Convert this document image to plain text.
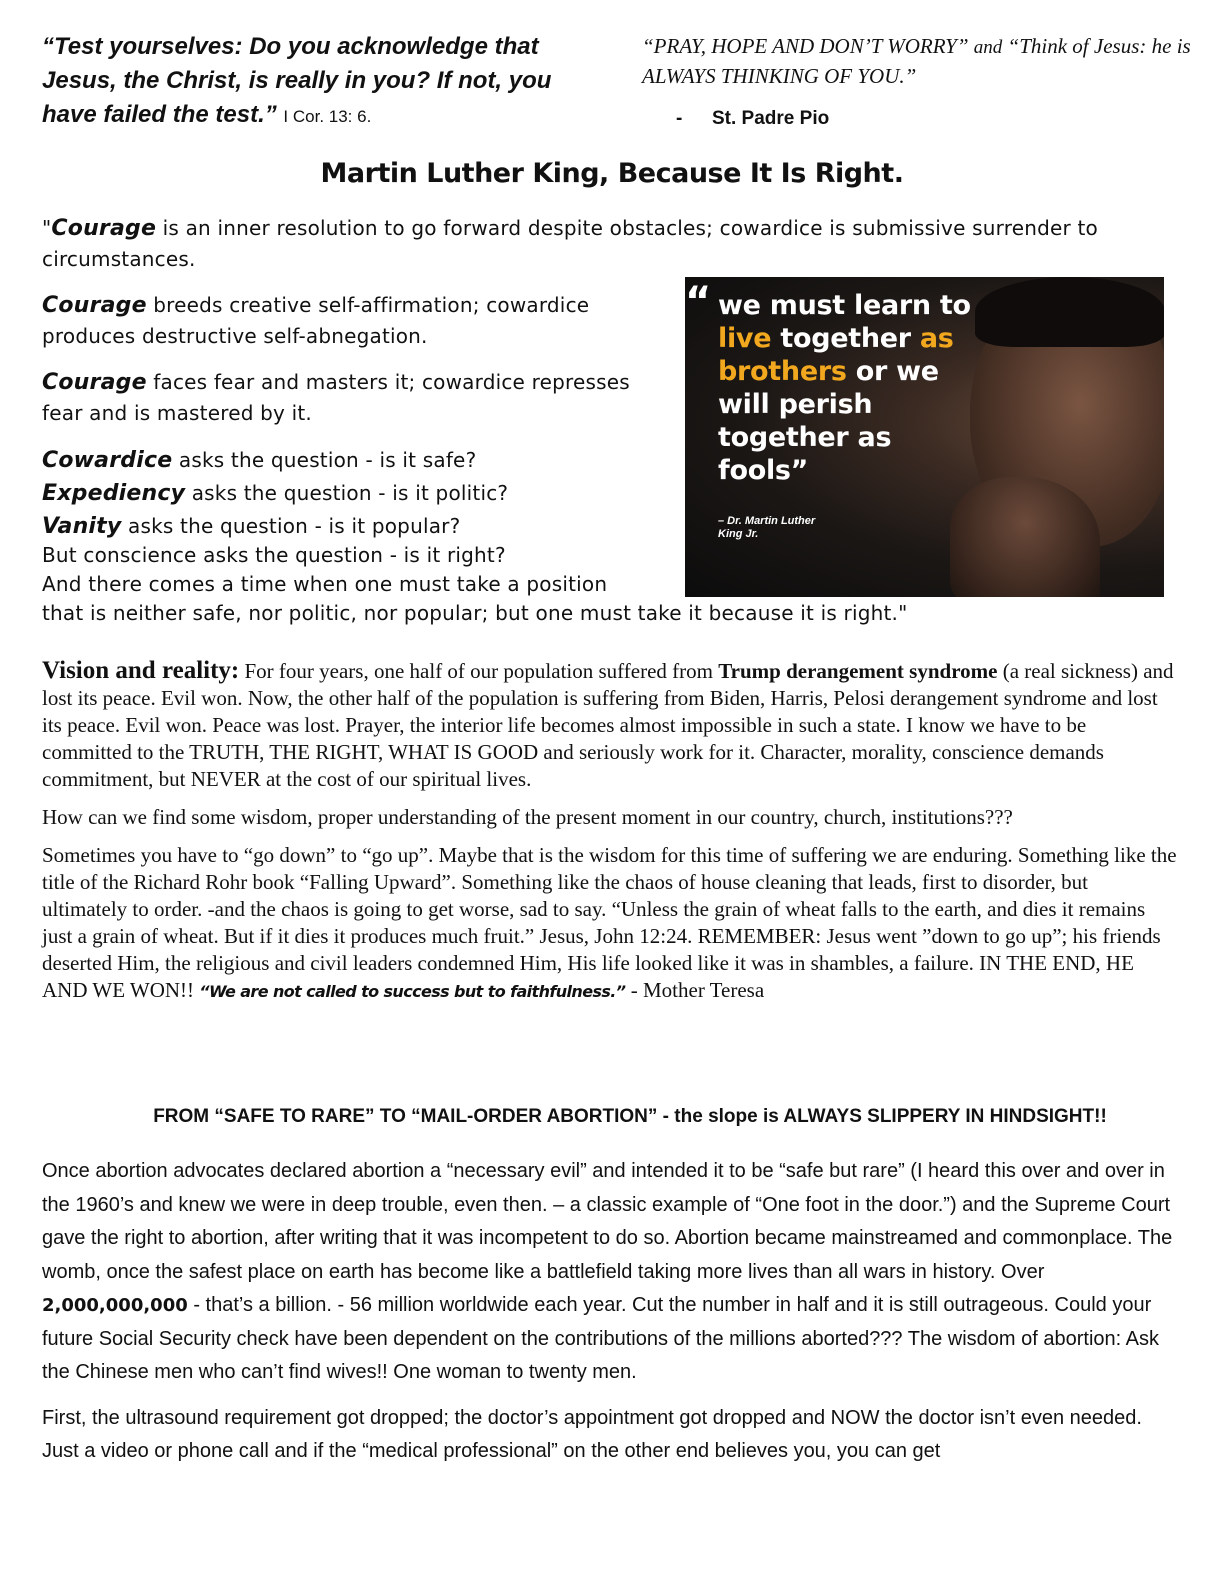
“Test yourselves: Do you acknowledge that Jesus, the Christ, is really in you? If not, you have failed the test.” I Cor. 13: 6.
“PRAY, HOPE AND DON’T WORRY” and “Think of Jesus: he is ALWAYS THINKING OF YOU.”
- St. Padre Pio
Martin Luther King, Because It Is Right.

"Courage is an inner resolution to go forward despite obstacles; cowardice is submissive surrender to circumstances.

Courage breeds creative self-affirmation; cowardice produces destructive self-abnegation.

Courage faces fear and masters it; cowardice represses fear and is mastered by it.

Cowardice asks the question - is it safe?

Expediency asks the question - is it politic?

Vanity asks the question - is it popular?

But conscience asks the question - is it right?

And there comes a time when one must take a position

that is neither safe, nor politic, nor popular; but one must take it because it is right."

“ we must learn to live together as brothers or we will perish together as fools”
– Dr. Martin Luther King Jr.

Vision and reality: For four years, one half of our population suffered from Trump derangement syndrome (a real sickness) and lost its peace. Evil won. Now, the other half of the population is suffering from Biden, Harris, Pelosi derangement syndrome and lost its peace. Evil won. Peace was lost. Prayer, the interior life becomes almost impossible in such a state. I know we have to be committed to the TRUTH, THE RIGHT, WHAT IS GOOD and seriously work for it. Character, morality, conscience demands commitment, but NEVER at the cost of our spiritual lives.

How can we find some wisdom, proper understanding of the present moment in our country, church, institutions???

Sometimes you have to “go down” to “go up”. Maybe that is the wisdom for this time of suffering we are enduring. Something like the title of the Richard Rohr book “Falling Upward”. Something like the chaos of house cleaning that leads, first to disorder, but ultimately to order. -and the chaos is going to get worse, sad to say. “Unless the grain of wheat falls to the earth, and dies it remains just a grain of wheat. But if it dies it produces much fruit.” Jesus, John 12:24. REMEMBER: Jesus went ”down to go up”; his friends deserted Him, the religious and civil leaders condemned Him, His life looked like it was in shambles, a failure. IN THE END, HE AND WE WON!! “We are not called to success but to faithfulness.” - Mother Teresa

FROM “SAFE TO RARE” TO “MAIL-ORDER ABORTION” - the slope is ALWAYS SLIPPERY IN HINDSIGHT!!

Once abortion advocates declared abortion a “necessary evil” and intended it to be “safe but rare” (I heard this over and over in the 1960’s and knew we were in deep trouble, even then. – a classic example of “One foot in the door.”) and the Supreme Court gave the right to abortion, after writing that it was incompetent to do so. Abortion became mainstreamed and commonplace. The womb, once the safest place on earth has become like a battlefield taking more lives than all wars in history. Over 2,000,000,000 - that’s a billion. - 56 million worldwide each year. Cut the number in half and it is still outrageous. Could your future Social Security check have been dependent on the contributions of the millions aborted??? The wisdom of abortion: Ask the Chinese men who can’t find wives!! One woman to twenty men.

First, the ultrasound requirement got dropped; the doctor’s appointment got dropped and NOW the doctor isn’t even needed. Just a video or phone call and if the “medical professional” on the other end believes you, you can get
